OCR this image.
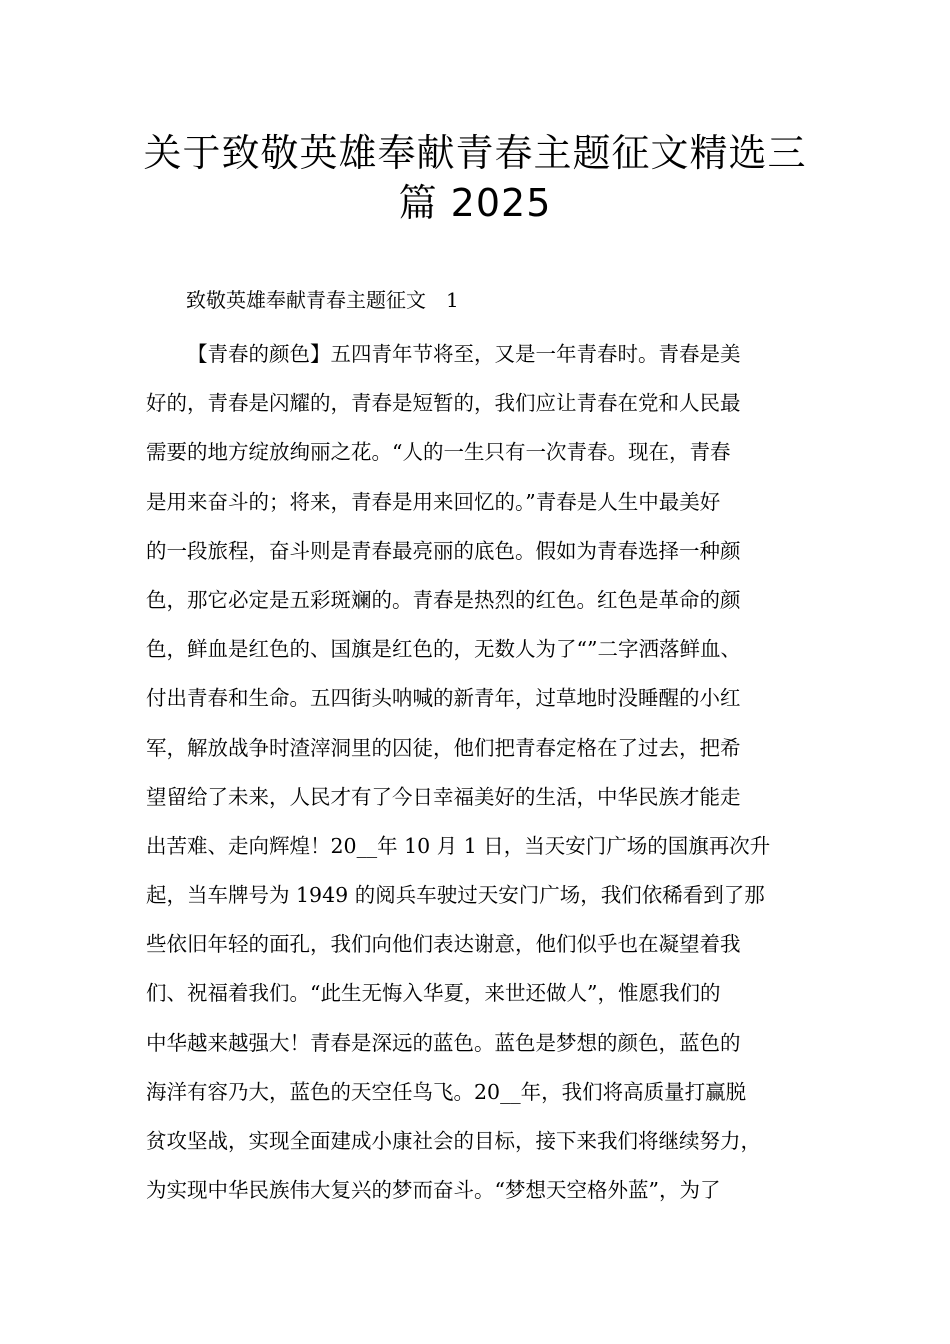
关于致敬英雄奉献青春主题征文精选三
篇 2025
致敬英雄奉献青春主题征文　1
【青春的颜色】五四青年节将至，又是一年青春时。青春是美
好的，青春是闪耀的，青春是短暂的，我们应让青春在党和人民最
需要的地方绽放绚丽之花。“人的一生只有一次青春。现在，青春
是用来奋斗的；将来，青春是用来回忆的。”青春是人生中最美好
的一段旅程，奋斗则是青春最亮丽的底色。假如为青春选择一种颜
色，那它必定是五彩斑斓的。青春是热烈的红色。红色是革命的颜
色，鲜血是红色的、国旗是红色的，无数人为了“”二字洒落鲜血、
付出青春和生命。五四街头呐喊的新青年，过草地时没睡醒的小红
军，解放战争时渣滓洞里的囚徒，他们把青春定格在了过去，把希
望留给了未来，人民才有了今日幸福美好的生活，中华民族才能走
出苦难、走向辉煌！20__年 10 月 1 日，当天安门广场的国旗再次升
起，当车牌号为 1949 的阅兵车驶过天安门广场，我们依稀看到了那
些依旧年轻的面孔，我们向他们表达谢意，他们似乎也在凝望着我
们、祝福着我们。“此生无悔入华夏，来世还做人”，惟愿我们的
中华越来越强大！青春是深远的蓝色。蓝色是梦想的颜色，蓝色的
海洋有容乃大，蓝色的天空任鸟飞。20__年，我们将高质量打赢脱
贫攻坚战，实现全面建成小康社会的目标，接下来我们将继续努力，
为实现中华民族伟大复兴的梦而奋斗。“梦想天空格外蓝”，为了
